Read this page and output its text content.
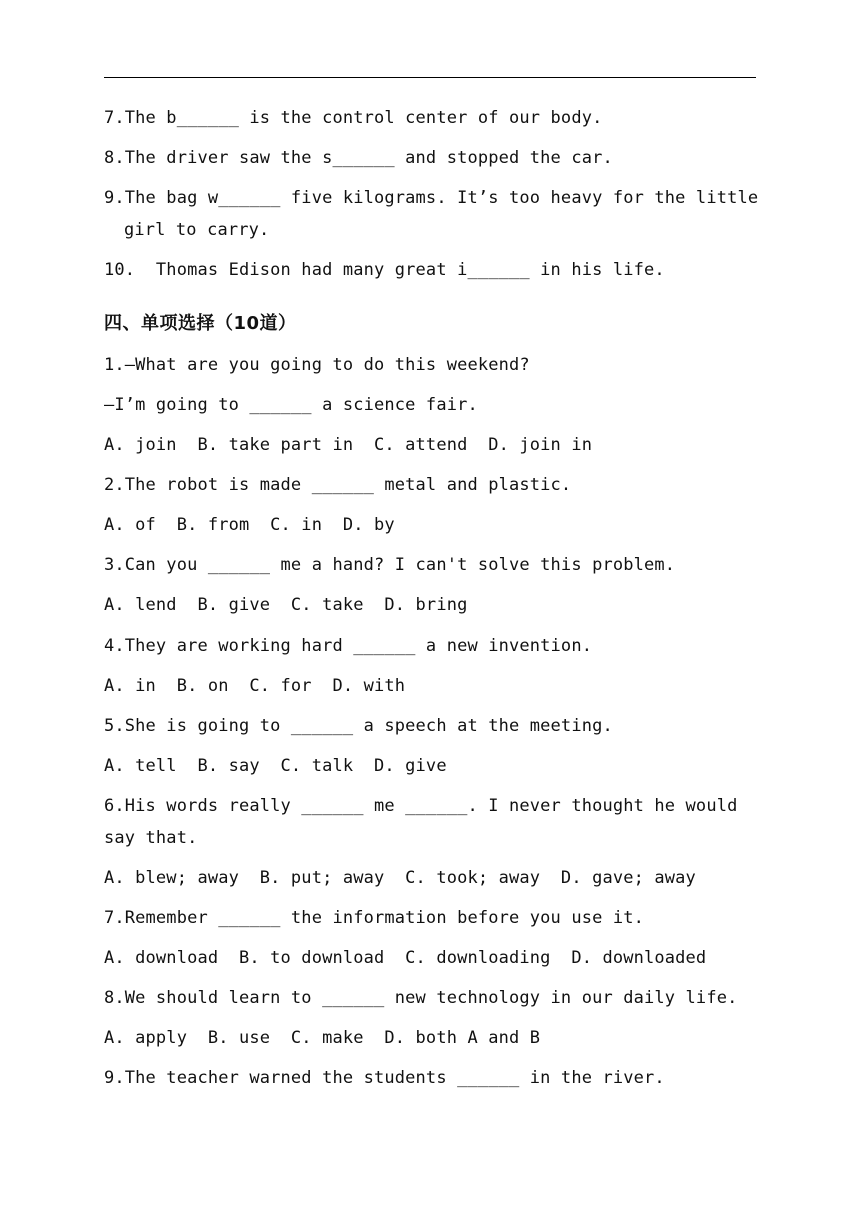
7.The b______ is the control center of our body.
8.The driver saw the s______ and stopped the car.
9.The bag w______ five kilograms. It’s too heavy for the little
girl to carry.
10.  Thomas Edison had many great i______ in his life.
四、单项选择（10道）
1.—What are you going to do this weekend?
—I’m going to ______ a science fair.
A. join  B. take part in  C. attend  D. join in
2.The robot is made ______ metal and plastic.
A. of  B. from  C. in  D. by
3.Can you ______ me a hand? I can't solve this problem.
A. lend  B. give  C. take  D. bring
4.They are working hard ______ a new invention.
A. in  B. on  C. for  D. with
5.She is going to ______ a speech at the meeting.
A. tell  B. say  C. talk  D. give
6.His words really ______ me ______. I never thought he would
say that.
A. blew; away  B. put; away  C. took; away  D. gave; away
7.Remember ______ the information before you use it.
A. download  B. to download  C. downloading  D. downloaded
8.We should learn to ______ new technology in our daily life.
A. apply  B. use  C. make  D. both A and B
9.The teacher warned the students ______ in the river.
